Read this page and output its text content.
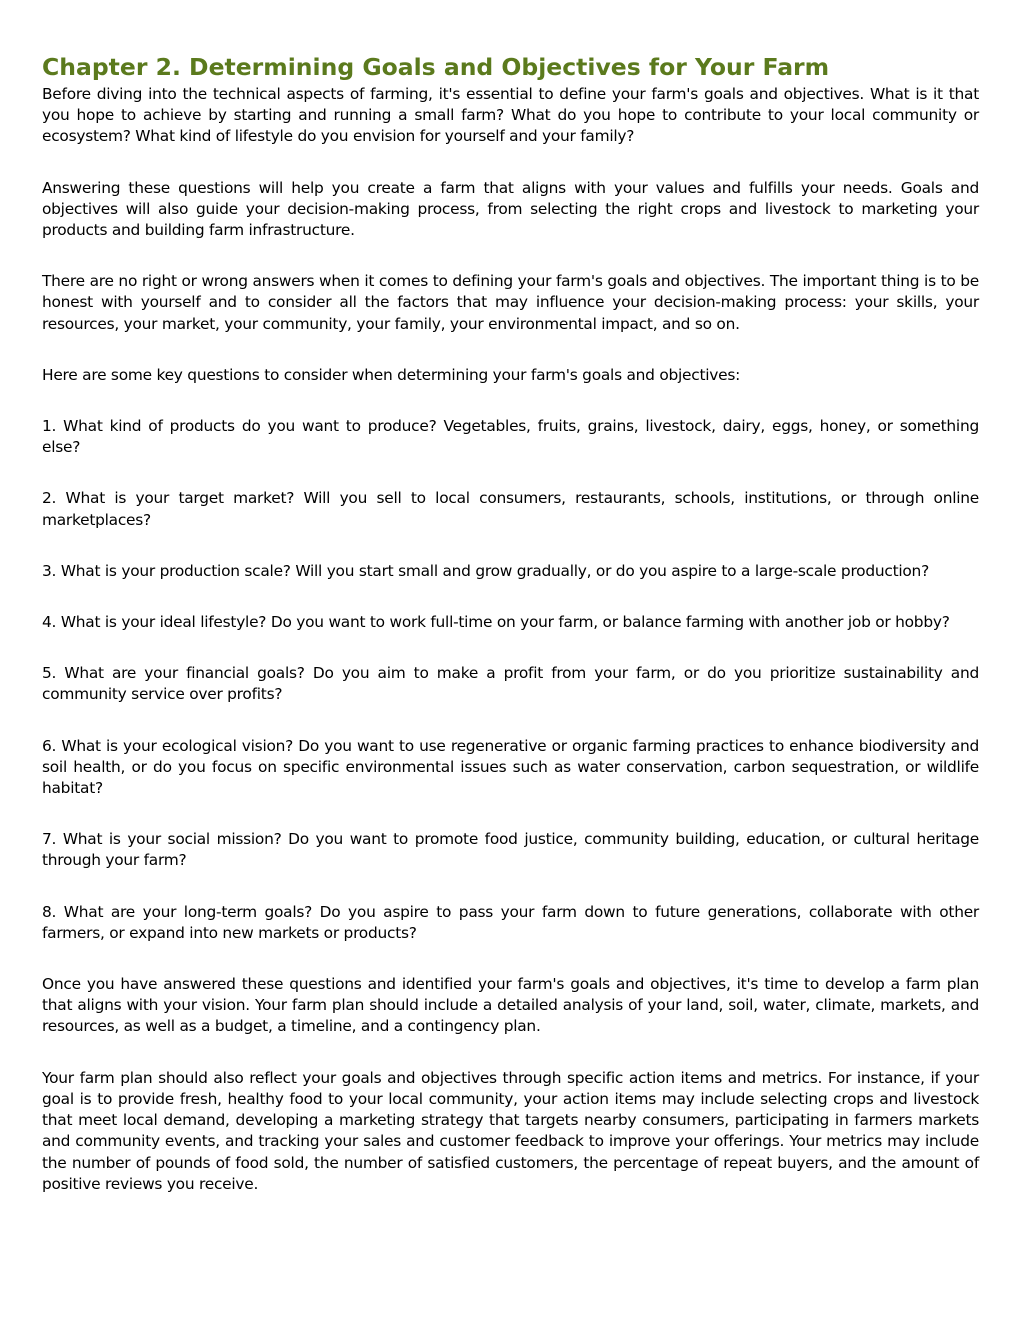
Chapter 2. Determining Goals and Objectives for Your Farm

Before diving into the technical aspects of farming, it's essential to define your farm's goals and objectives. What is it that you hope to achieve by starting and running a small farm? What do you hope to contribute to your local community or ecosystem? What kind of lifestyle do you envision for yourself and your family?

Answering these questions will help you create a farm that aligns with your values and fulfills your needs. Goals and objectives will also guide your decision-making process, from selecting the right crops and livestock to marketing your products and building farm infrastructure.

There are no right or wrong answers when it comes to defining your farm's goals and objectives. The important thing is to be honest with yourself and to consider all the factors that may influence your decision-making process: your skills, your resources, your market, your community, your family, your environmental impact, and so on.

Here are some key questions to consider when determining your farm's goals and objectives:

1. What kind of products do you want to produce? Vegetables, fruits, grains, livestock, dairy, eggs, honey, or something else?

2. What is your target market? Will you sell to local consumers, restaurants, schools, institutions, or through online marketplaces?

3. What is your production scale? Will you start small and grow gradually, or do you aspire to a large-scale production?

4. What is your ideal lifestyle? Do you want to work full-time on your farm, or balance farming with another job or hobby?

5. What are your financial goals? Do you aim to make a profit from your farm, or do you prioritize sustainability and community service over profits?

6. What is your ecological vision? Do you want to use regenerative or organic farming practices to enhance biodiversity and soil health, or do you focus on specific environmental issues such as water conservation, carbon sequestration, or wildlife habitat?

7. What is your social mission? Do you want to promote food justice, community building, education, or cultural heritage through your farm?

8. What are your long-term goals? Do you aspire to pass your farm down to future generations, collaborate with other farmers, or expand into new markets or products?

Once you have answered these questions and identified your farm's goals and objectives, it's time to develop a farm plan that aligns with your vision. Your farm plan should include a detailed analysis of your land, soil, water, climate, markets, and resources, as well as a budget, a timeline, and a contingency plan.

Your farm plan should also reflect your goals and objectives through specific action items and metrics. For instance, if your goal is to provide fresh, healthy food to your local community, your action items may include selecting crops and livestock that meet local demand, developing a marketing strategy that targets nearby consumers, participating in farmers markets and community events, and tracking your sales and customer feedback to improve your offerings. Your metrics may include the number of pounds of food sold, the number of satisfied customers, the percentage of repeat buyers, and the amount of positive reviews you receive.
